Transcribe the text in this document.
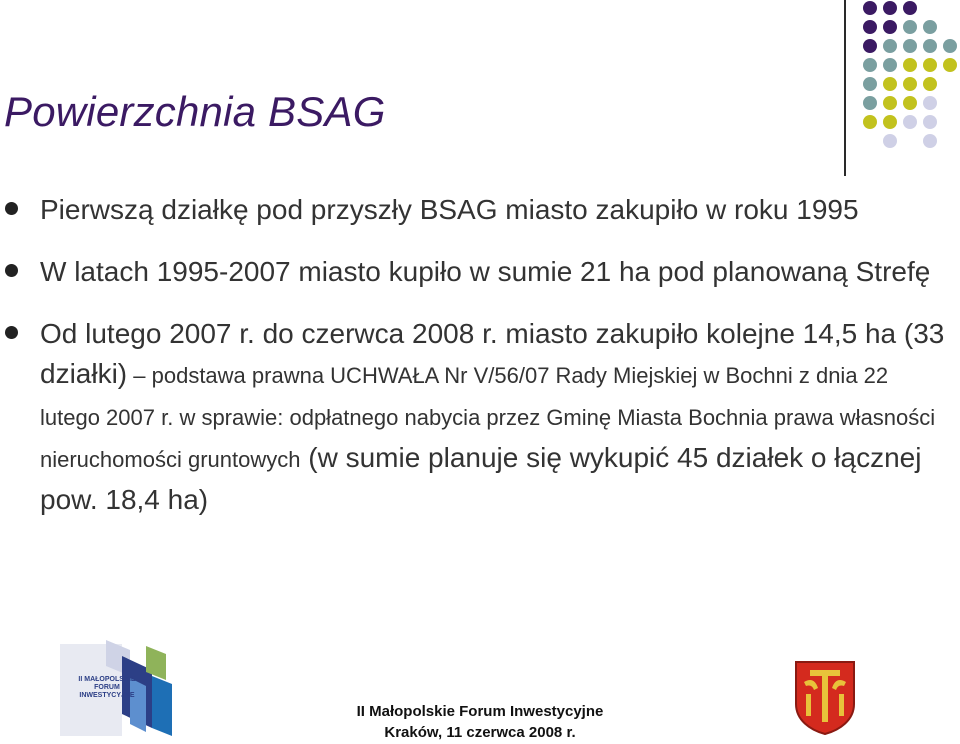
Powierzchnia BSAG
Pierwszą działkę pod przyszły BSAG miasto zakupiło w roku 1995
W latach 1995-2007 miasto kupiło w sumie 21 ha pod planowaną Strefę
Od lutego 2007 r. do czerwca 2008 r. miasto zakupiło kolejne 14,5 ha (33 działki) – podstawa prawna UCHWAŁA Nr V/56/07 Rady Miejskiej w Bochni z dnia 22 lutego 2007 r. w sprawie: odpłatnego nabycia przez Gminę Miasta Bochnia prawa własności nieruchomości gruntowych (w sumie planuje się wykupić 45 działek o łącznej pow. 18,4 ha)
II MAŁOPOLSKIE FORUM INWESTYCYJNE
II Małopolskie Forum Inwestycyjne
Kraków, 11 czerwca 2008 r.
